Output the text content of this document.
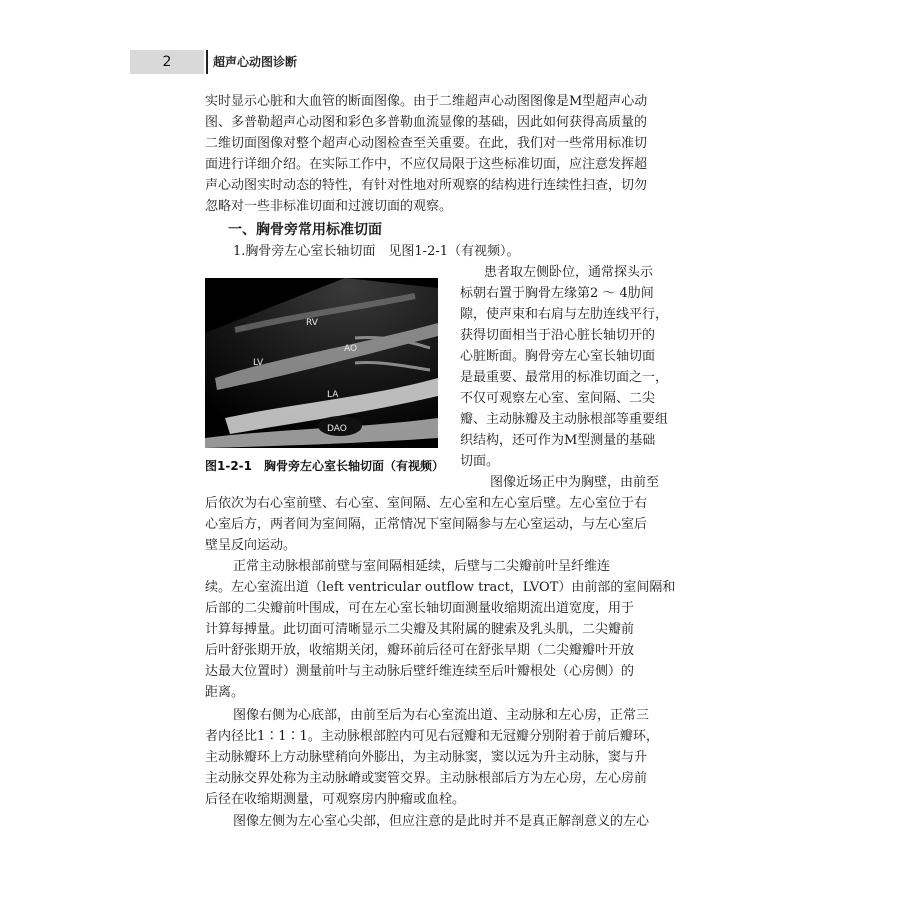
2	超声心动图诊断
实时显示心脏和大血管的断面图像。由于二维超声心动图图像是M型超声心动
图、多普勒超声心动图和彩色多普勒血流显像的基础，因此如何获得高质量的
二维切面图像对整个超声心动图检查至关重要。在此，我们对一些常用标准切
面进行详细介绍。在实际工作中，不应仅局限于这些标准切面，应注意发挥超
声心动图实时动态的特性，有针对性地对所观察的结构进行连续性扫查，切勿
忽略对一些非标准切面和过渡切面的观察。
一、胸骨旁常用标准切面
1.胸骨旁左心室长轴切面　见图1-2-1（有视频）。
RV
AO
LV
LA
DAO
图1-2-1　胸骨旁左心室长轴切面（有视频）
患者取左侧卧位，通常探头示
标朝右置于胸骨左缘第2 ～ 4肋间
隙，使声束和右肩与左肋连线平行，
获得切面相当于沿心脏长轴切开的
心脏断面。胸骨旁左心室长轴切面
是最重要、最常用的标准切面之一，
不仅可观察左心室、室间隔、二尖
瓣、主动脉瓣及主动脉根部等重要组
织结构，还可作为M型测量的基础
切面。
图像近场正中为胸壁，由前至
后依次为右心室前壁、右心室、室间隔、左心室和左心室后壁。左心室位于右
心室后方，两者间为室间隔，正常情况下室间隔参与左心室运动，与左心室后
壁呈反向运动。
正常主动脉根部前壁与室间隔相延续，后壁与二尖瓣前叶呈纤维连
续。左心室流出道（left ventricular outflow tract，LVOT）由前部的室间隔和
后部的二尖瓣前叶围成，可在左心室长轴切面测量收缩期流出道宽度，用于
计算每搏量。此切面可清晰显示二尖瓣及其附属的腱索及乳头肌，二尖瓣前
后叶舒张期开放，收缩期关闭，瓣环前后径可在舒张早期（二尖瓣瓣叶开放
达最大位置时）测量前叶与主动脉后壁纤维连续至后叶瓣根处（心房侧）的
距离。
图像右侧为心底部，由前至后为右心室流出道、主动脉和左心房，正常三
者内径比1∶1∶1。主动脉根部腔内可见右冠瓣和无冠瓣分别附着于前后瓣环，
主动脉瓣环上方动脉壁稍向外膨出，为主动脉窦，窦以远为升主动脉，窦与升
主动脉交界处称为主动脉嵴或窦管交界。主动脉根部后方为左心房，左心房前
后径在收缩期测量，可观察房内肿瘤或血栓。
图像左侧为左心室心尖部，但应注意的是此时并不是真正解剖意义的左心
